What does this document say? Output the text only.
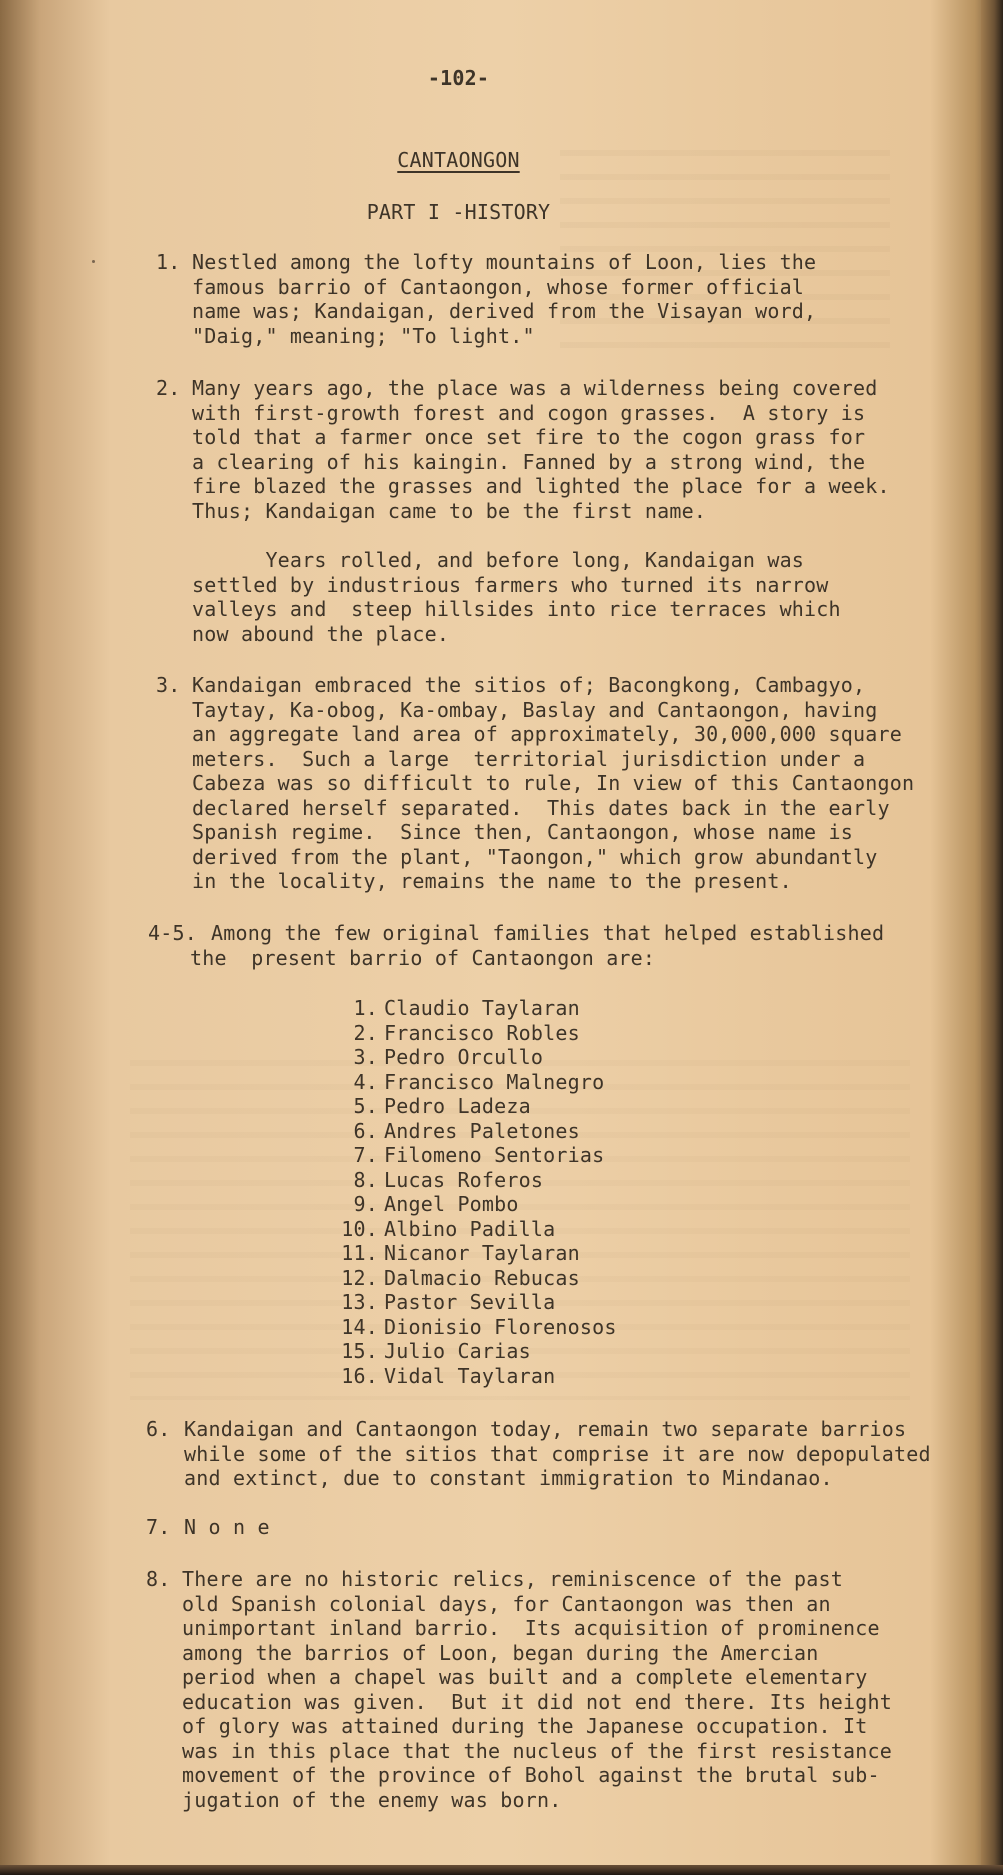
-102-
CANTAONGON
PART I -HISTORY
1. Nestled among the lofty mountains of Loon, lies the
famous barrio of Cantaongon, whose former official
name was; Kandaigan, derived from the Visayan word,
"Daig," meaning; "To light."
2. Many years ago, the place was a wilderness being covered
with first-growth forest and cogon grasses.  A story is
told that a farmer once set fire to the cogon grass for
a clearing of his kaingin. Fanned by a strong wind, the
fire blazed the grasses and lighted the place for a week.
Thus; Kandaigan came to be the first name.
Years rolled, and before long, Kandaigan was
settled by industrious farmers who turned its narrow
valleys and  steep hillsides into rice terraces which
now abound the place.
3. Kandaigan embraced the sitios of; Bacongkong, Cambagyo,
Taytay, Ka-obog, Ka-ombay, Baslay and Cantaongon, having
an aggregate land area of approximately, 30,000,000 square
meters.  Such a large  territorial jurisdiction under a
Cabeza was so difficult to rule, In view of this Cantaongon
declared herself separated.  This dates back in the early
Spanish regime.  Since then, Cantaongon, whose name is
derived from the plant, "Taongon," which grow abundantly
in the locality, remains the name to the present.
4-5. Among the few original families that helped established
the  present barrio of Cantaongon are:
1. Claudio Taylaran
2. Francisco Robles
3. Pedro Orcullo
4. Francisco Malnegro
5. Pedro Ladeza
6. Andres Paletones
7. Filomeno Sentorias
8. Lucas Roferos
9. Angel Pombo
10. Albino Padilla
11. Nicanor Taylaran
12. Dalmacio Rebucas
13. Pastor Sevilla
14. Dionisio Florenosos
15. Julio Carias
16. Vidal Taylaran
6. Kandaigan and Cantaongon today, remain two separate barrios
while some of the sitios that comprise it are now depopulated
and extinct, due to constant immigration to Mindanao.
7. N o n e
8. There are no historic relics, reminiscence of the past
old Spanish colonial days, for Cantaongon was then an
unimportant inland barrio.  Its acquisition of prominence
among the barrios of Loon, began during the Amercian
period when a chapel was built and a complete elementary
education was given.  But it did not end there. Its height
of glory was attained during the Japanese occupation. It
was in this place that the nucleus of the first resistance
movement of the province of Bohol against the brutal sub-
jugation of the enemy was born.
